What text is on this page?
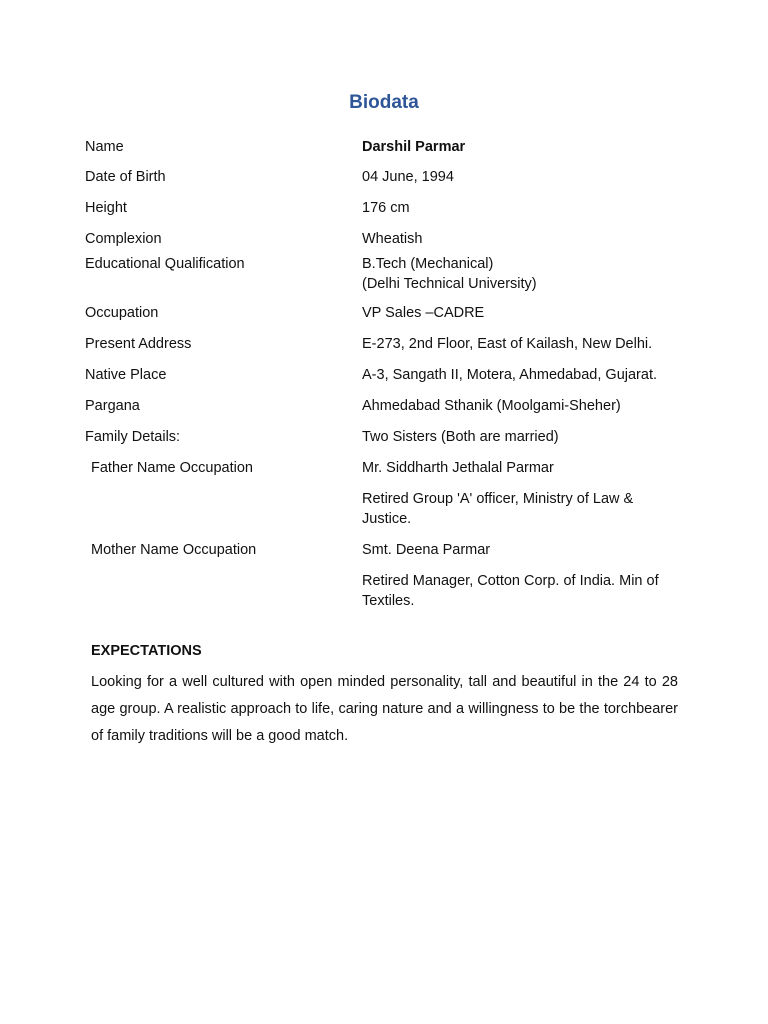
Biodata
Name	Darshil Parmar
Date of Birth	04 June, 1994
Height	176 cm
Complexion	Wheatish
Educational Qualification	B.Tech (Mechanical)
(Delhi Technical University)
Occupation	VP Sales –CADRE
Present Address	E-273, 2nd Floor, East of Kailash, New Delhi.
Native Place	A-3, Sangath II, Motera, Ahmedabad, Gujarat.
Pargana	Ahmedabad Sthanik (Moolgami-Sheher)
Family Details:	Two Sisters (Both are married)
Father Name Occupation	Mr. Siddharth Jethalal Parmar
Retired Group 'A' officer, Ministry of Law &
Justice.
Mother Name Occupation	Smt. Deena Parmar
Retired Manager, Cotton Corp. of India. Min of
Textiles.
EXPECTATIONS
Looking for a well cultured with open minded personality, tall and beautiful in the 24 to 28 age group. A realistic approach to life, caring nature and a willingness to be the torchbearer of family traditions will be a good match.
